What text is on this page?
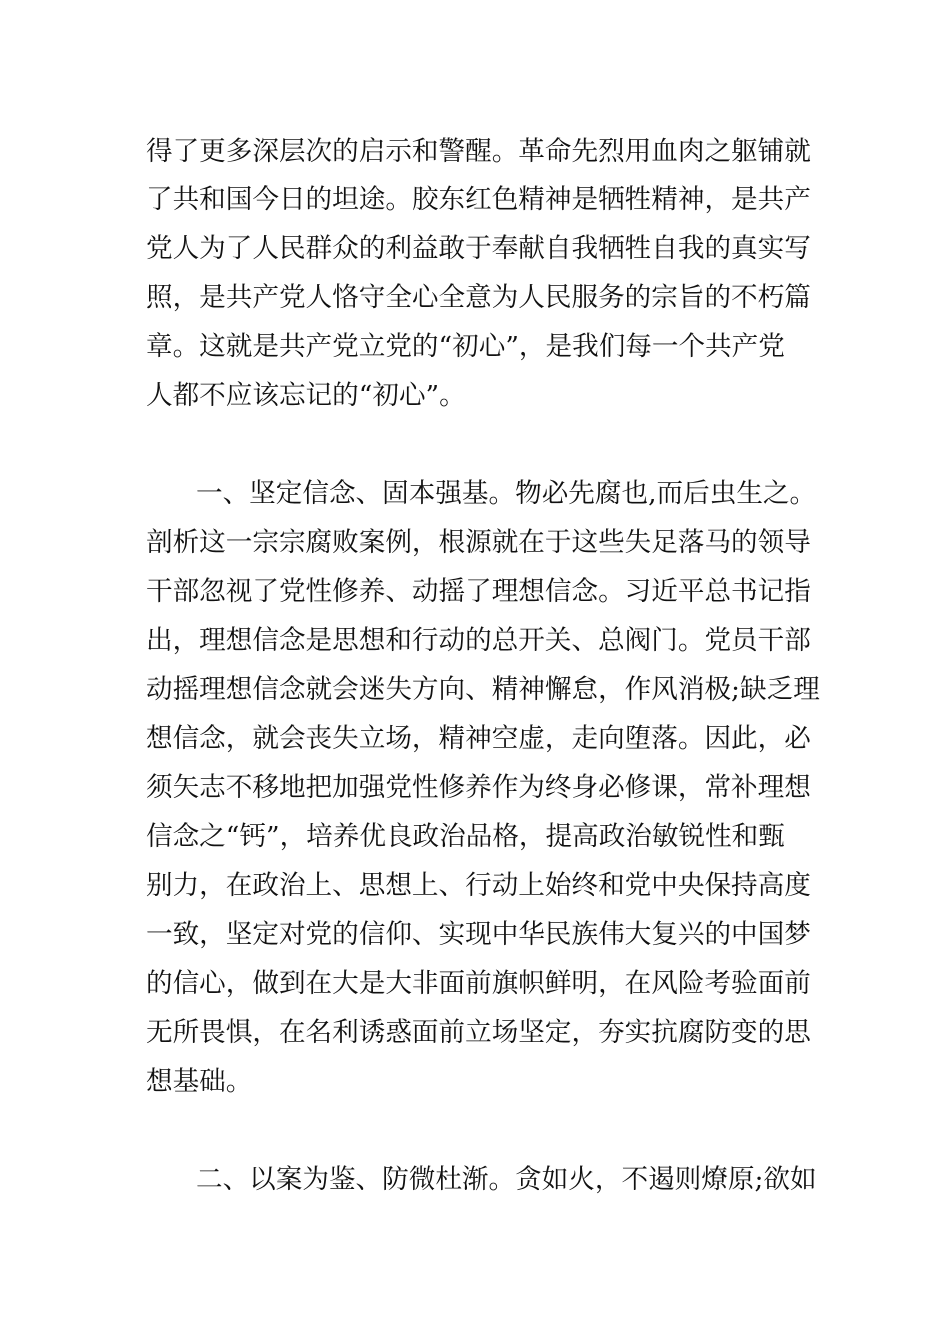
得了更多深层次的启示和警醒。革命先烈用血肉之躯铺就
了共和国今日的坦途。胶东红色精神是牺牲精神，是共产
党人为了人民群众的利益敢于奉献自我牺牲自我的真实写
照，是共产党人恪守全心全意为人民服务的宗旨的不朽篇
章。这就是共产党立党的“初心”，是我们每一个共产党
人都不应该忘记的“初心”。
一、坚定信念、固本强基。物必先腐也,而后虫生之。
剖析这一宗宗腐败案例，根源就在于这些失足落马的领导
干部忽视了党性修养、动摇了理想信念。习近平总书记指
出，理想信念是思想和行动的总开关、总阀门。党员干部
动摇理想信念就会迷失方向、精神懈怠，作风消极;缺乏理
想信念，就会丧失立场，精神空虚，走向堕落。因此，必
须矢志不移地把加强党性修养作为终身必修课，常补理想
信念之“钙”，培养优良政治品格，提高政治敏锐性和甄
别力，在政治上、思想上、行动上始终和党中央保持高度
一致，坚定对党的信仰、实现中华民族伟大复兴的中国梦
的信心，做到在大是大非面前旗帜鲜明，在风险考验面前
无所畏惧，在名利诱惑面前立场坚定，夯实抗腐防变的思
想基础。
二、以案为鉴、防微杜渐。贪如火，不遏则燎原;欲如
